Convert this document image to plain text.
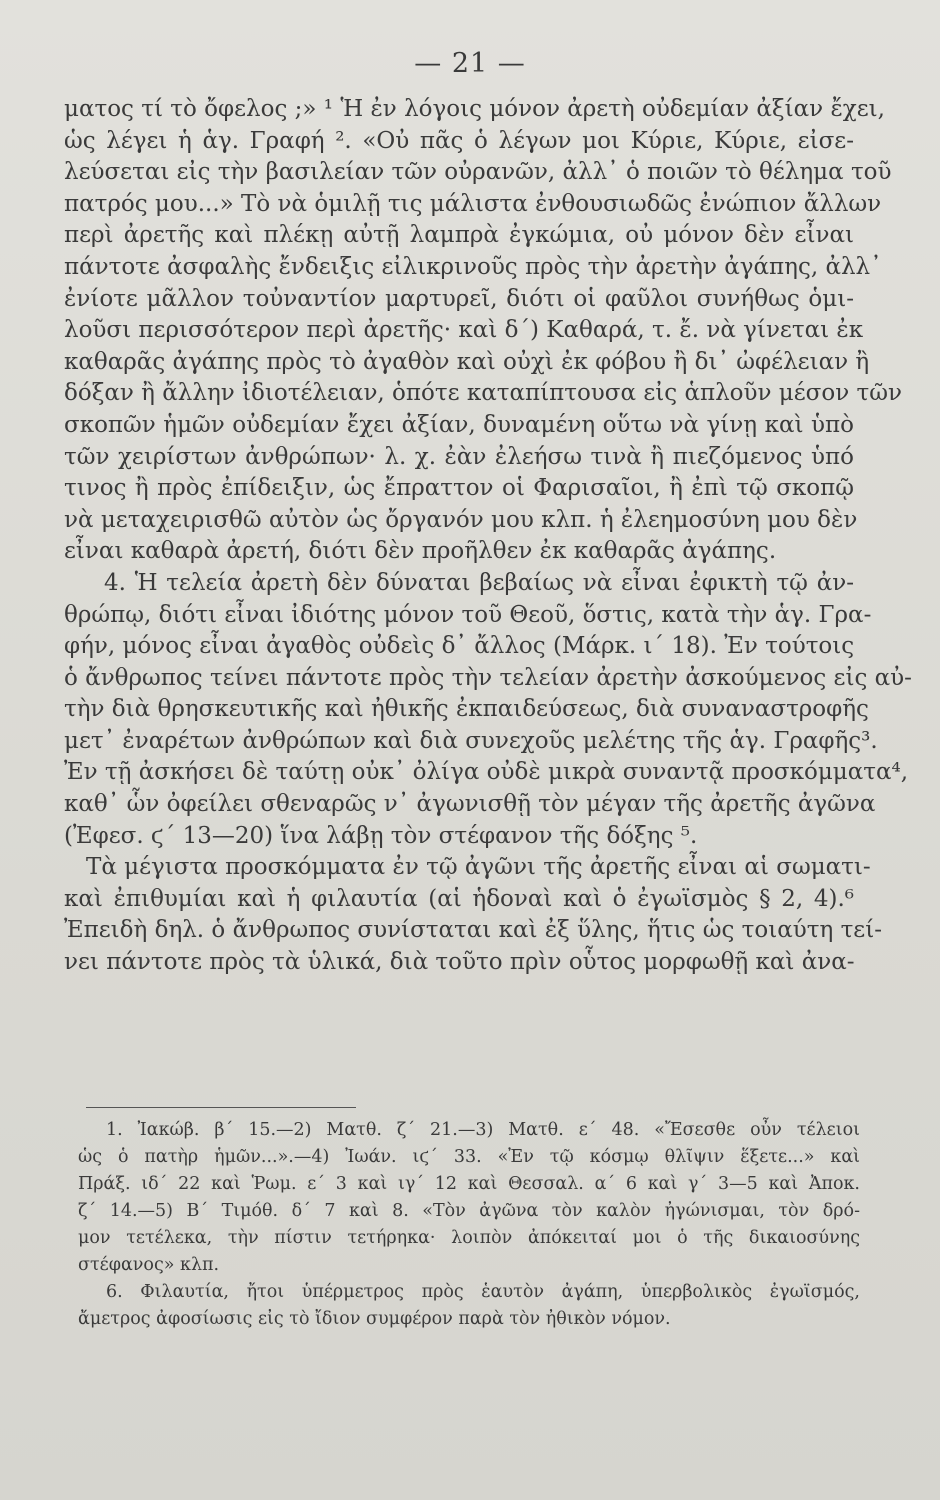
— 21 —
ματος τί τὸ ὄφελος ;» ¹ Ἡ ἐν λόγοις μόνον ἀρετὴ οὐδεμίαν ἀξίαν ἔχει,
ὡς λέγει ἡ ἁγ. Γραφή ². «Οὐ πᾶς ὁ λέγων μοι Κύριε, Κύριε, εἰσε-
λεύσεται εἰς τὴν βασιλείαν τῶν οὐρανῶν, ἀλλ᾽ ὁ ποιῶν τὸ θέλημα τοῦ
πατρός μου...» Τὸ νὰ ὁμιλῇ τις μάλιστα ἐνθουσιωδῶς ἐνώπιον ἄλλων
περὶ ἀρετῆς καὶ πλέκῃ αὐτῇ λαμπρὰ ἐγκώμια, οὐ μόνον δὲν εἶναι
πάντοτε ἀσφαλὴς ἔνδειξις εἰλικρινοῦς πρὸς τὴν ἀρετὴν ἀγάπης, ἀλλ᾽
ἐνίοτε μᾶλλον τοὐναντίον μαρτυρεῖ, διότι οἱ φαῦλοι συνήθως ὁμι-
λοῦσι περισσότερον περὶ ἀρετῆς· καὶ δ´) Καθαρά, τ. ἔ. νὰ γίνεται ἐκ
καθαρᾶς ἀγάπης πρὸς τὸ ἀγαθὸν καὶ οὐχὶ ἐκ φόβου ἢ δι᾽ ὠφέλειαν ἢ
δόξαν ἢ ἄλλην ἰδιοτέλειαν, ὁπότε καταπίπτουσα εἰς ἁπλοῦν μέσον τῶν
σκοπῶν ἡμῶν οὐδεμίαν ἔχει ἀξίαν, δυναμένη οὕτω νὰ γίνῃ καὶ ὑπὸ
τῶν χειρίστων ἀνθρώπων· λ. χ. ἐὰν ἐλεήσω τινὰ ἢ πιεζόμενος ὑπό
τινος ἢ πρὸς ἐπίδειξιν, ὡς ἔπραττον οἱ Φαρισαῖοι, ἢ ἐπὶ τῷ σκοπῷ
νὰ μεταχειρισθῶ αὐτὸν ὡς ὄργανόν μου κλπ. ἡ ἐλεημοσύνη μου δὲν
εἶναι καθαρὰ ἀρετή, διότι δὲν προῆλθεν ἐκ καθαρᾶς ἀγάπης.
4. Ἡ τελεία ἀρετὴ δὲν δύναται βεβαίως νὰ εἶναι ἐφικτὴ τῷ ἀν-
θρώπῳ, διότι εἶναι ἰδιότης μόνον τοῦ Θεοῦ, ὅστις, κατὰ τὴν ἁγ. Γρα-
φήν, μόνος εἶναι ἀγαθὸς οὐδεὶς δ᾽ ἄλλος (Μάρκ. ι´ 18). Ἐν τούτοις
ὁ ἄνθρωπος τείνει πάντοτε πρὸς τὴν τελείαν ἀρετὴν ἀσκούμενος εἰς αὐ-
τὴν διὰ θρησκευτικῆς καὶ ἠθικῆς ἐκπαιδεύσεως, διὰ συναναστροφῆς
μετ᾽ ἐναρέτων ἀνθρώπων καὶ διὰ συνεχοῦς μελέτης τῆς ἁγ. Γραφῆς³.
Ἐν τῇ ἀσκήσει δὲ ταύτῃ οὐκ᾽ ὀλίγα οὐδὲ μικρὰ συναντᾷ προσκόμματα⁴,
καθ᾽ ὧν ὀφείλει σθεναρῶς ν᾽ ἀγωνισθῇ τὸν μέγαν τῆς ἀρετῆς ἀγῶνα
(Ἐφεσ. ϛ´ 13—20) ἵνα λάβῃ τὸν στέφανον τῆς δόξης ⁵.
Τὰ μέγιστα προσκόμματα ἐν τῷ ἀγῶνι τῆς ἀρετῆς εἶναι αἱ σωματι-
καὶ ἐπιθυμίαι καὶ ἡ φιλαυτία (αἱ ἡδοναὶ καὶ ὁ ἐγωϊσμὸς § 2, 4).⁶
Ἐπειδὴ δηλ. ὁ ἄνθρωπος συνίσταται καὶ ἐξ ὕλης, ἥτις ὡς τοιαύτη τεί-
νει πάντοτε πρὸς τὰ ὑλικά, διὰ τοῦτο πρὶν οὗτος μορφωθῇ καὶ ἀνα-
1. Ἰακώβ. β´ 15.—2) Ματθ. ζ´ 21.—3) Ματθ. ε´ 48. «Ἔσεσθε οὖν τέλειοι
ὡς ὁ πατὴρ ἡμῶν...».—4) Ἰωάν. ιϛ´ 33. «Ἐν τῷ κόσμῳ θλῖψιν ἕξετε...» καὶ
Πράξ. ιδ´ 22 καὶ Ῥωμ. ε´ 3 καὶ ιγ´ 12 καὶ Θεσσαλ. α´ 6 καὶ γ´ 3—5 καὶ Ἀποκ.
ζ´ 14.—5) Β´ Τιμόθ. δ´ 7 καὶ 8. «Τὸν ἀγῶνα τὸν καλὸν ἠγώνισμαι, τὸν δρό-
μον τετέλεκα, τὴν πίστιν τετήρηκα· λοιπὸν ἀπόκειταί μοι ὁ τῆς δικαιοσύνης
στέφανος» κλπ.
6. Φιλαυτία, ἤτοι ὑπέρμετρος πρὸς ἑαυτὸν ἀγάπη, ὑπερβολικὸς ἐγωϊσμός,
ἄμετρος ἀφοσίωσις εἰς τὸ ἴδιον συμφέρον παρὰ τὸν ἠθικὸν νόμον.
